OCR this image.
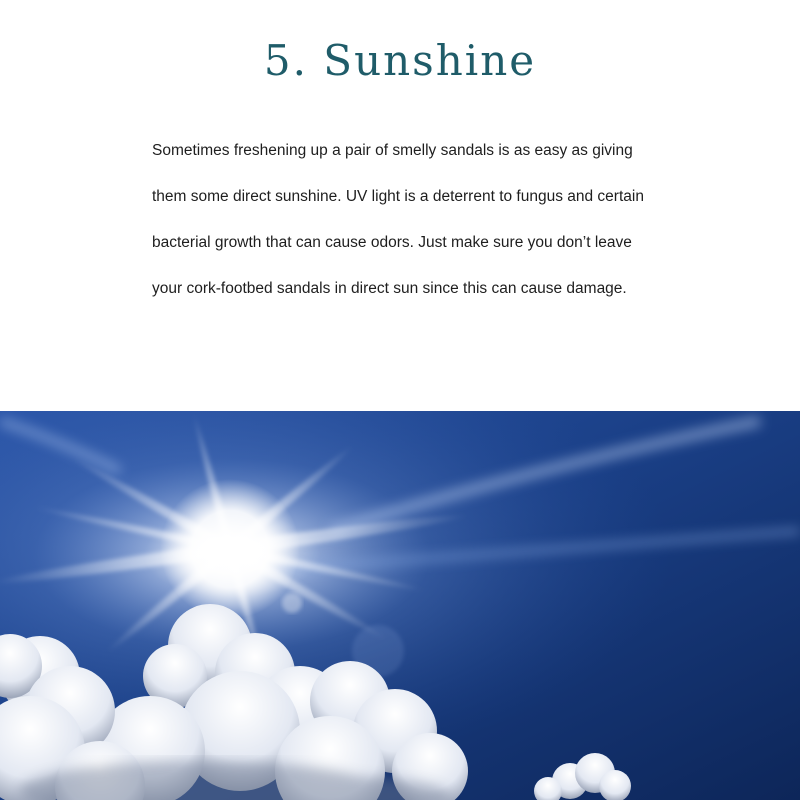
5. Sunshine
Sometimes freshening up a pair of smelly sandals is as easy as giving
them some direct sunshine. UV light is a deterrent to fungus and certain
bacterial growth that can cause odors. Just make sure you don’t leave
your cork-footbed sandals in direct sun since this can cause damage.
